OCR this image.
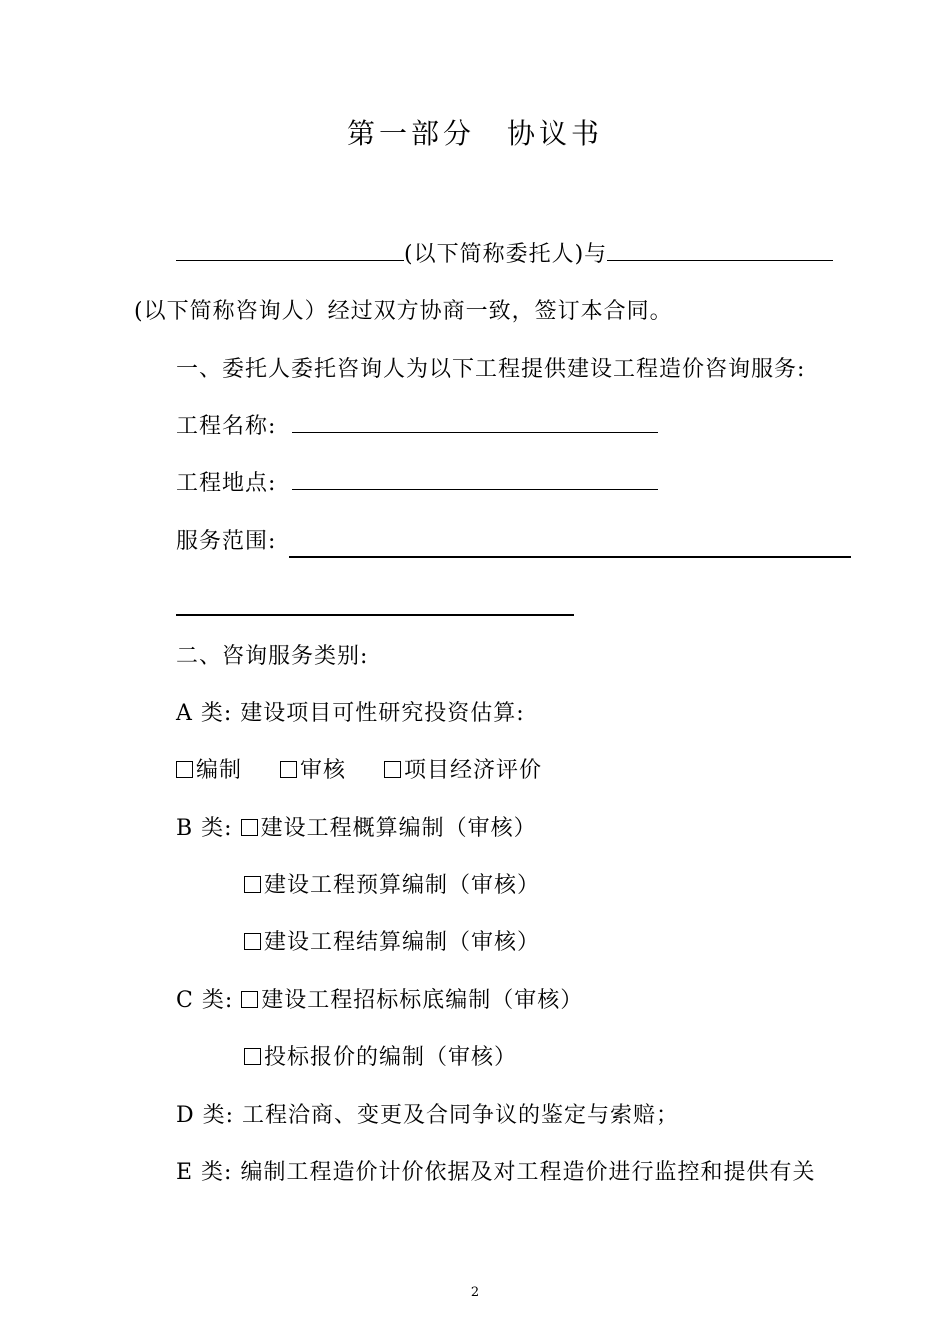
第一部分 协议书
(以下简称委托人)与
(以下简称咨询人）经过双方协商一致，签订本合同。
一、委托人委托咨询人为以下工程提供建设工程造价咨询服务:
工程名称:
工程地点:
服务范围:
二、咨询服务类别:
A 类: 建设项目可性研究投资估算:
编制	审核	项目经济评价
B 类: 建设工程概算编制（审核）
建设工程预算编制（审核）
建设工程结算编制（审核）
C 类: 建设工程招标标底编制（审核）
投标报价的编制（审核）
D 类: 工程洽商、变更及合同争议的鉴定与索赔；
E 类: 编制工程造价计价依据及对工程造价进行监控和提供有关
2
